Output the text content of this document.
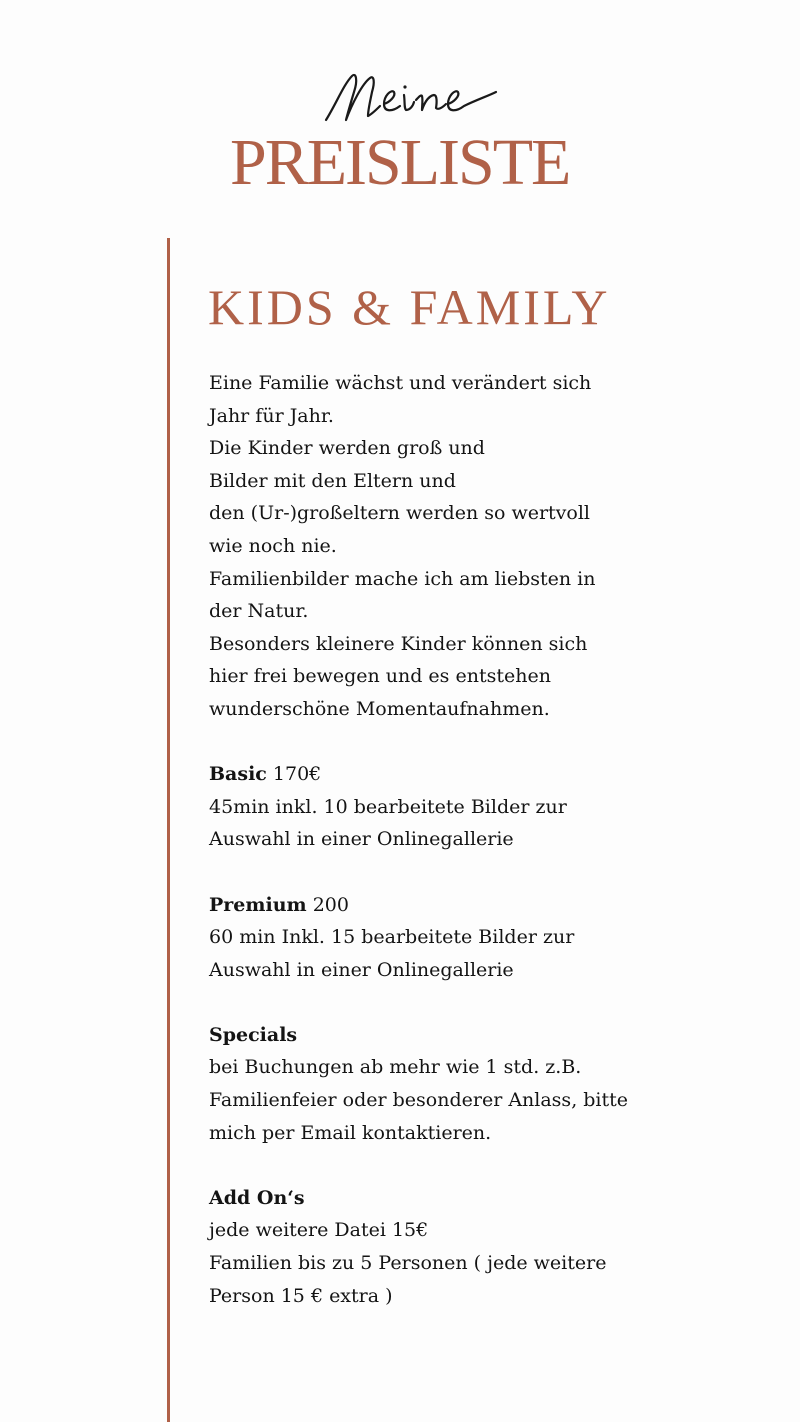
PREISLISTE
KIDS & FAMILY

Eine Familie wächst und verändert sich
Jahr für Jahr.
Die Kinder werden groß und
Bilder mit den Eltern und
den (Ur-)großeltern werden so wertvoll
wie noch nie.
Familienbilder mache ich am liebsten in
der Natur.
Besonders kleinere Kinder können sich
hier frei bewegen und es entstehen
wunderschöne Momentaufnahmen.

Basic 170€
45min inkl. 10 bearbeitete Bilder zur
Auswahl in einer Onlinegallerie

Premium 200
60 min Inkl. 15 bearbeitete Bilder zur
Auswahl in einer Onlinegallerie

Specials
bei Buchungen ab mehr wie 1 std. z.B.
Familienfeier oder besonderer Anlass, bitte
mich per Email kontaktieren.

Add On‘s
jede weitere Datei 15€
Familien bis zu 5 Personen ( jede weitere
Person 15 € extra )
